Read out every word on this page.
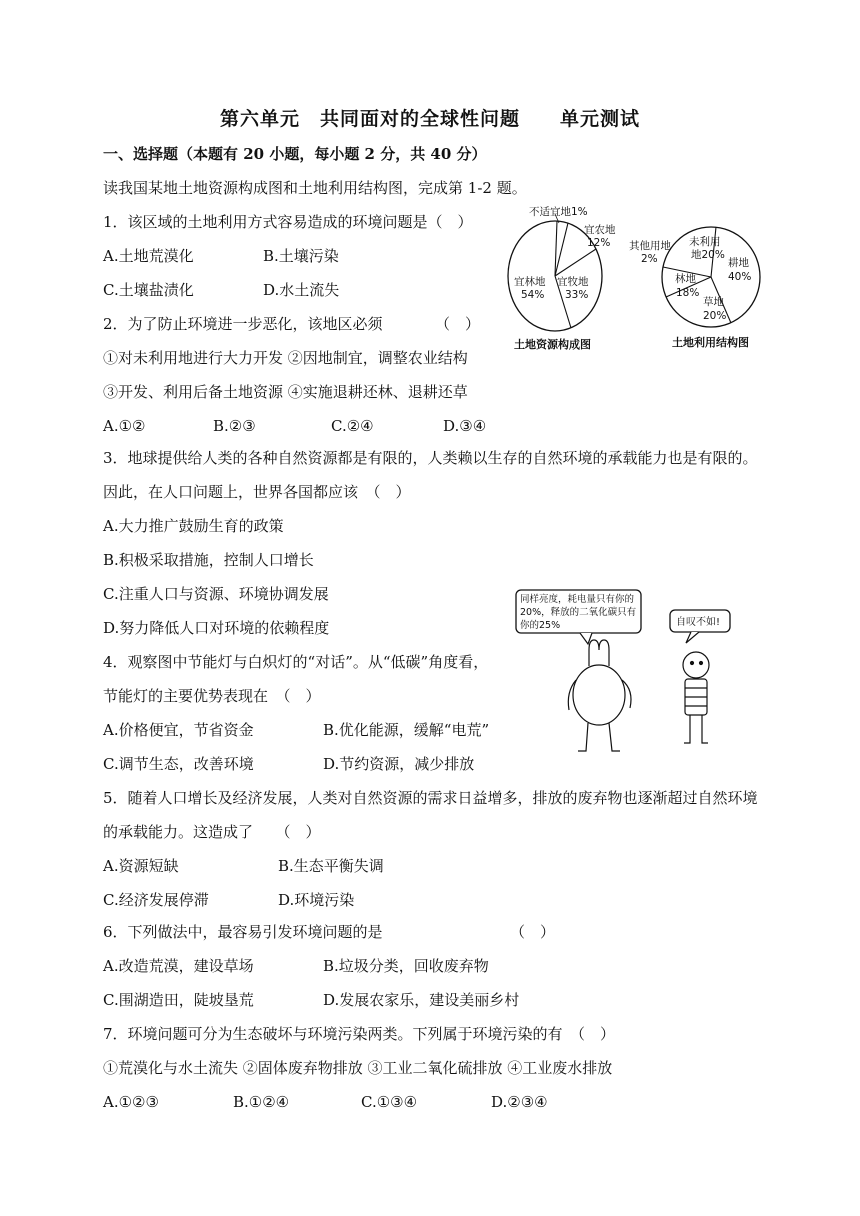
第六单元　共同面对的全球性问题　　单元测试
一、选择题（本题有 20 小题，每小题 2 分，共 40 分）
读我国某地土地资源构成图和土地利用结构图，完成第 1-2 题。
1．该区域的土地利用方式容易造成的环境问题是（　）
A.土地荒漠化	B.土壤污染
C.土壤盐渍化	D.水土流失
2．为了防止环境进一步恶化，该地区必须　　　　（　）
①对未利用地进行大力开发 ②因地制宜，调整农业结构
③开发、利用后备土地资源 ④实施退耕还林、退耕还草
A.①②	B.②③	C.②④	D.③④
3．地球提供给人类的各种自然资源都是有限的，人类赖以生存的自然环境的承载能力也是有限的。
因此，在人口问题上，世界各国都应该　（　）
A.大力推广鼓励生育的政策
B.积极采取措施，控制人口增长
C.注重人口与资源、环境协调发展
D.努力降低人口对环境的依赖程度
4．观察图中节能灯与白炽灯的“对话”。从“低碳”角度看，
节能灯的主要优势表现在　（　）
A.价格便宜，节省资金	B.优化能源，缓解“电荒”
C.调节生态，改善环境	D.节约资源，减少排放
5．随着人口增长及经济发展，人类对自然资源的需求日益增多，排放的废弃物也逐渐超过自然环境
的承载能力。这造成了　　（　）
A.资源短缺	B.生态平衡失调
C.经济发展停滞	D.环境污染
6．下列做法中，最容易引发环境问题的是　　　　　　　　　（　）
A.改造荒漠，建设草场	B.垃圾分类，回收废弃物
C.围湖造田，陡坡垦荒	D.发展农家乐，建设美丽乡村
7．环境问题可分为生态破坏与环境污染两类。下列属于环境污染的有　（　）
①荒漠化与水土流失 ②固体废弃物排放 ③工业二氧化硫排放 ④工业废水排放
A.①②③	B.①②④	C.①③④	D.②③④
不适宜地1%
宜农地
12%
宜牧地
33%
宜林地
54%
土地资源构成图
耕地
40%
草地
20%
林地
18%
其他用地
2%
未利用
地20%
土地利用结构图
同样亮度，耗电量只有你的
20%，释放的二氧化碳只有
你的25%	自叹不如!
